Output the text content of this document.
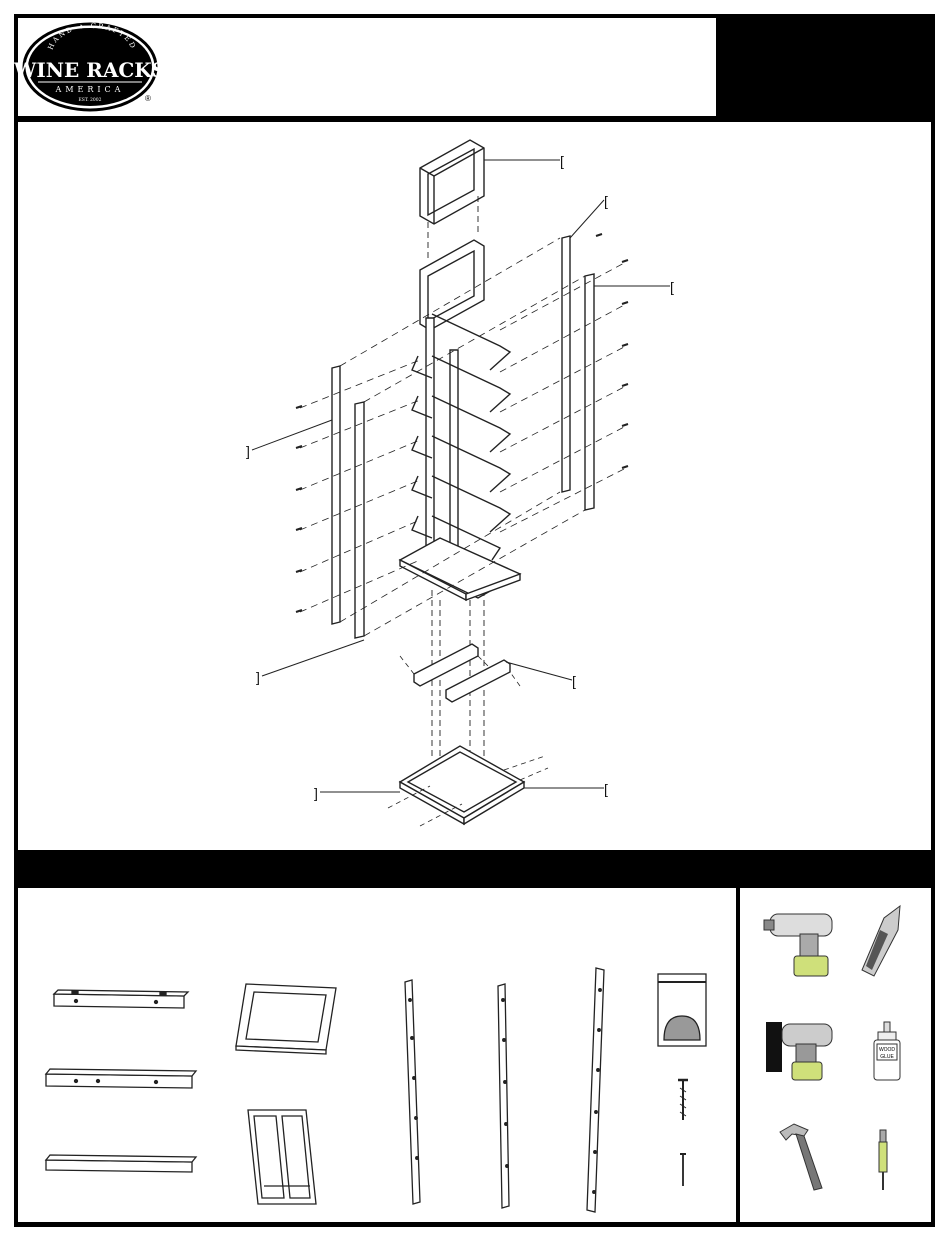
HAND ✦ CRAFTED
WINE RACKS
AMERICA
EST. 2002	®
[
[
[
]
]	[
]	[
WOOD
GLUE
